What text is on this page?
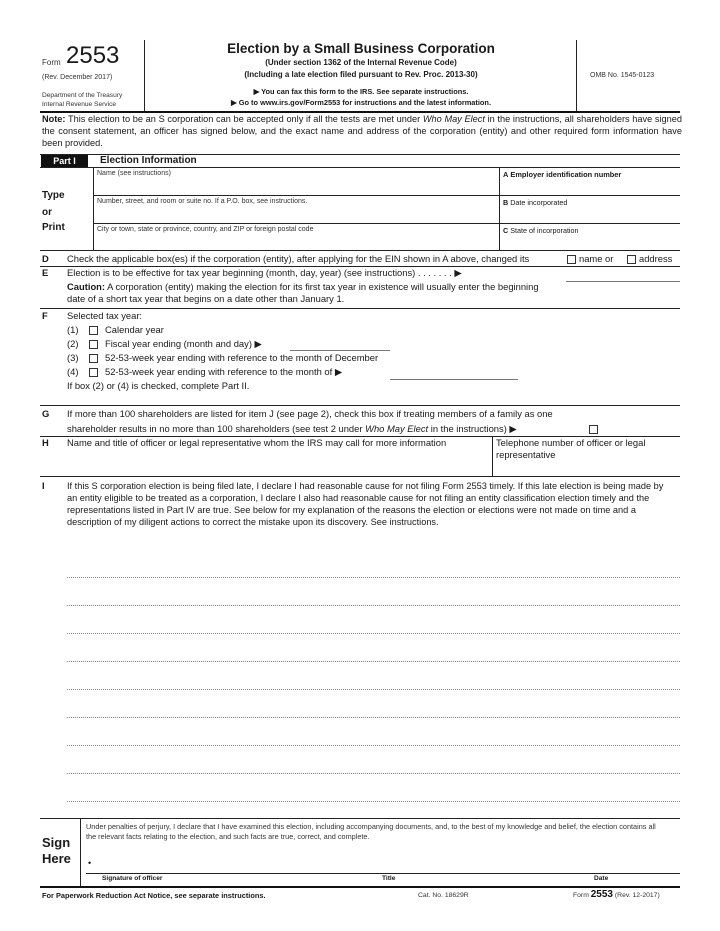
Form 2553
(Rev. December 2017)
Department of the Treasury
Internal Revenue Service
Election by a Small Business Corporation
(Under section 1362 of the Internal Revenue Code)
(Including a late election filed pursuant to Rev. Proc. 2013-30)
▶ You can fax this form to the IRS. See separate instructions.
▶ Go to www.irs.gov/Form2553 for instructions and the latest information.
OMB No. 1545-0123
Note: This election to be an S corporation can be accepted only if all the tests are met under Who May Elect in the instructions, all shareholders have signed the consent statement, an officer has signed below, and the exact name and address of the corporation (entity) and other required form information have been provided.
Part I	Election Information
Type
or
Print
Name (see instructions)	A Employer identification number
Number, street, and room or suite no. If a P.O. box, see instructions.	B Date incorporated
City or town, state or province, country, and ZIP or foreign postal code	C State of incorporation
D Check the applicable box(es) if the corporation (entity), after applying for the EIN shown in A above, changed its	name or	address
E Election is to be effective for tax year beginning (month, day, year) (see instructions) . . . . . . . ▶
Caution: A corporation (entity) making the election for its first tax year in existence will usually enter the beginning date of a short tax year that begins on a date other than January 1.
F Selected tax year:
(1)	Calendar year
(2)	Fiscal year ending (month and day) ▶
(3)	52-53-week year ending with reference to the month of December
(4)	52-53-week year ending with reference to the month of ▶
If box (2) or (4) is checked, complete Part II.
G If more than 100 shareholders are listed for item J (see page 2), check this box if treating members of a family as one
shareholder results in no more than 100 shareholders (see test 2 under Who May Elect in the instructions) ▶
H Name and title of officer or legal representative whom the IRS may call for more information	Telephone number of officer or legal representative
I If this S corporation election is being filed late, I declare I had reasonable cause for not filing Form 2553 timely. If this late election is being made by an entity eligible to be treated as a corporation, I declare I also had reasonable cause for not filing an entity classification election timely and the representations listed in Part IV are true. See below for my explanation of the reasons the election or elections were not made on time and a description of my diligent actions to correct the mistake upon its discovery. See instructions.
Sign
Here
Under penalties of perjury, I declare that I have examined this election, including accompanying documents, and, to the best of my knowledge and belief, the election contains all the relevant facts relating to the election, and such facts are true, correct, and complete.
•
Signature of officer	Title	Date
For Paperwork Reduction Act Notice, see separate instructions.	Cat. No. 18629R	Form 2553 (Rev. 12-2017)
